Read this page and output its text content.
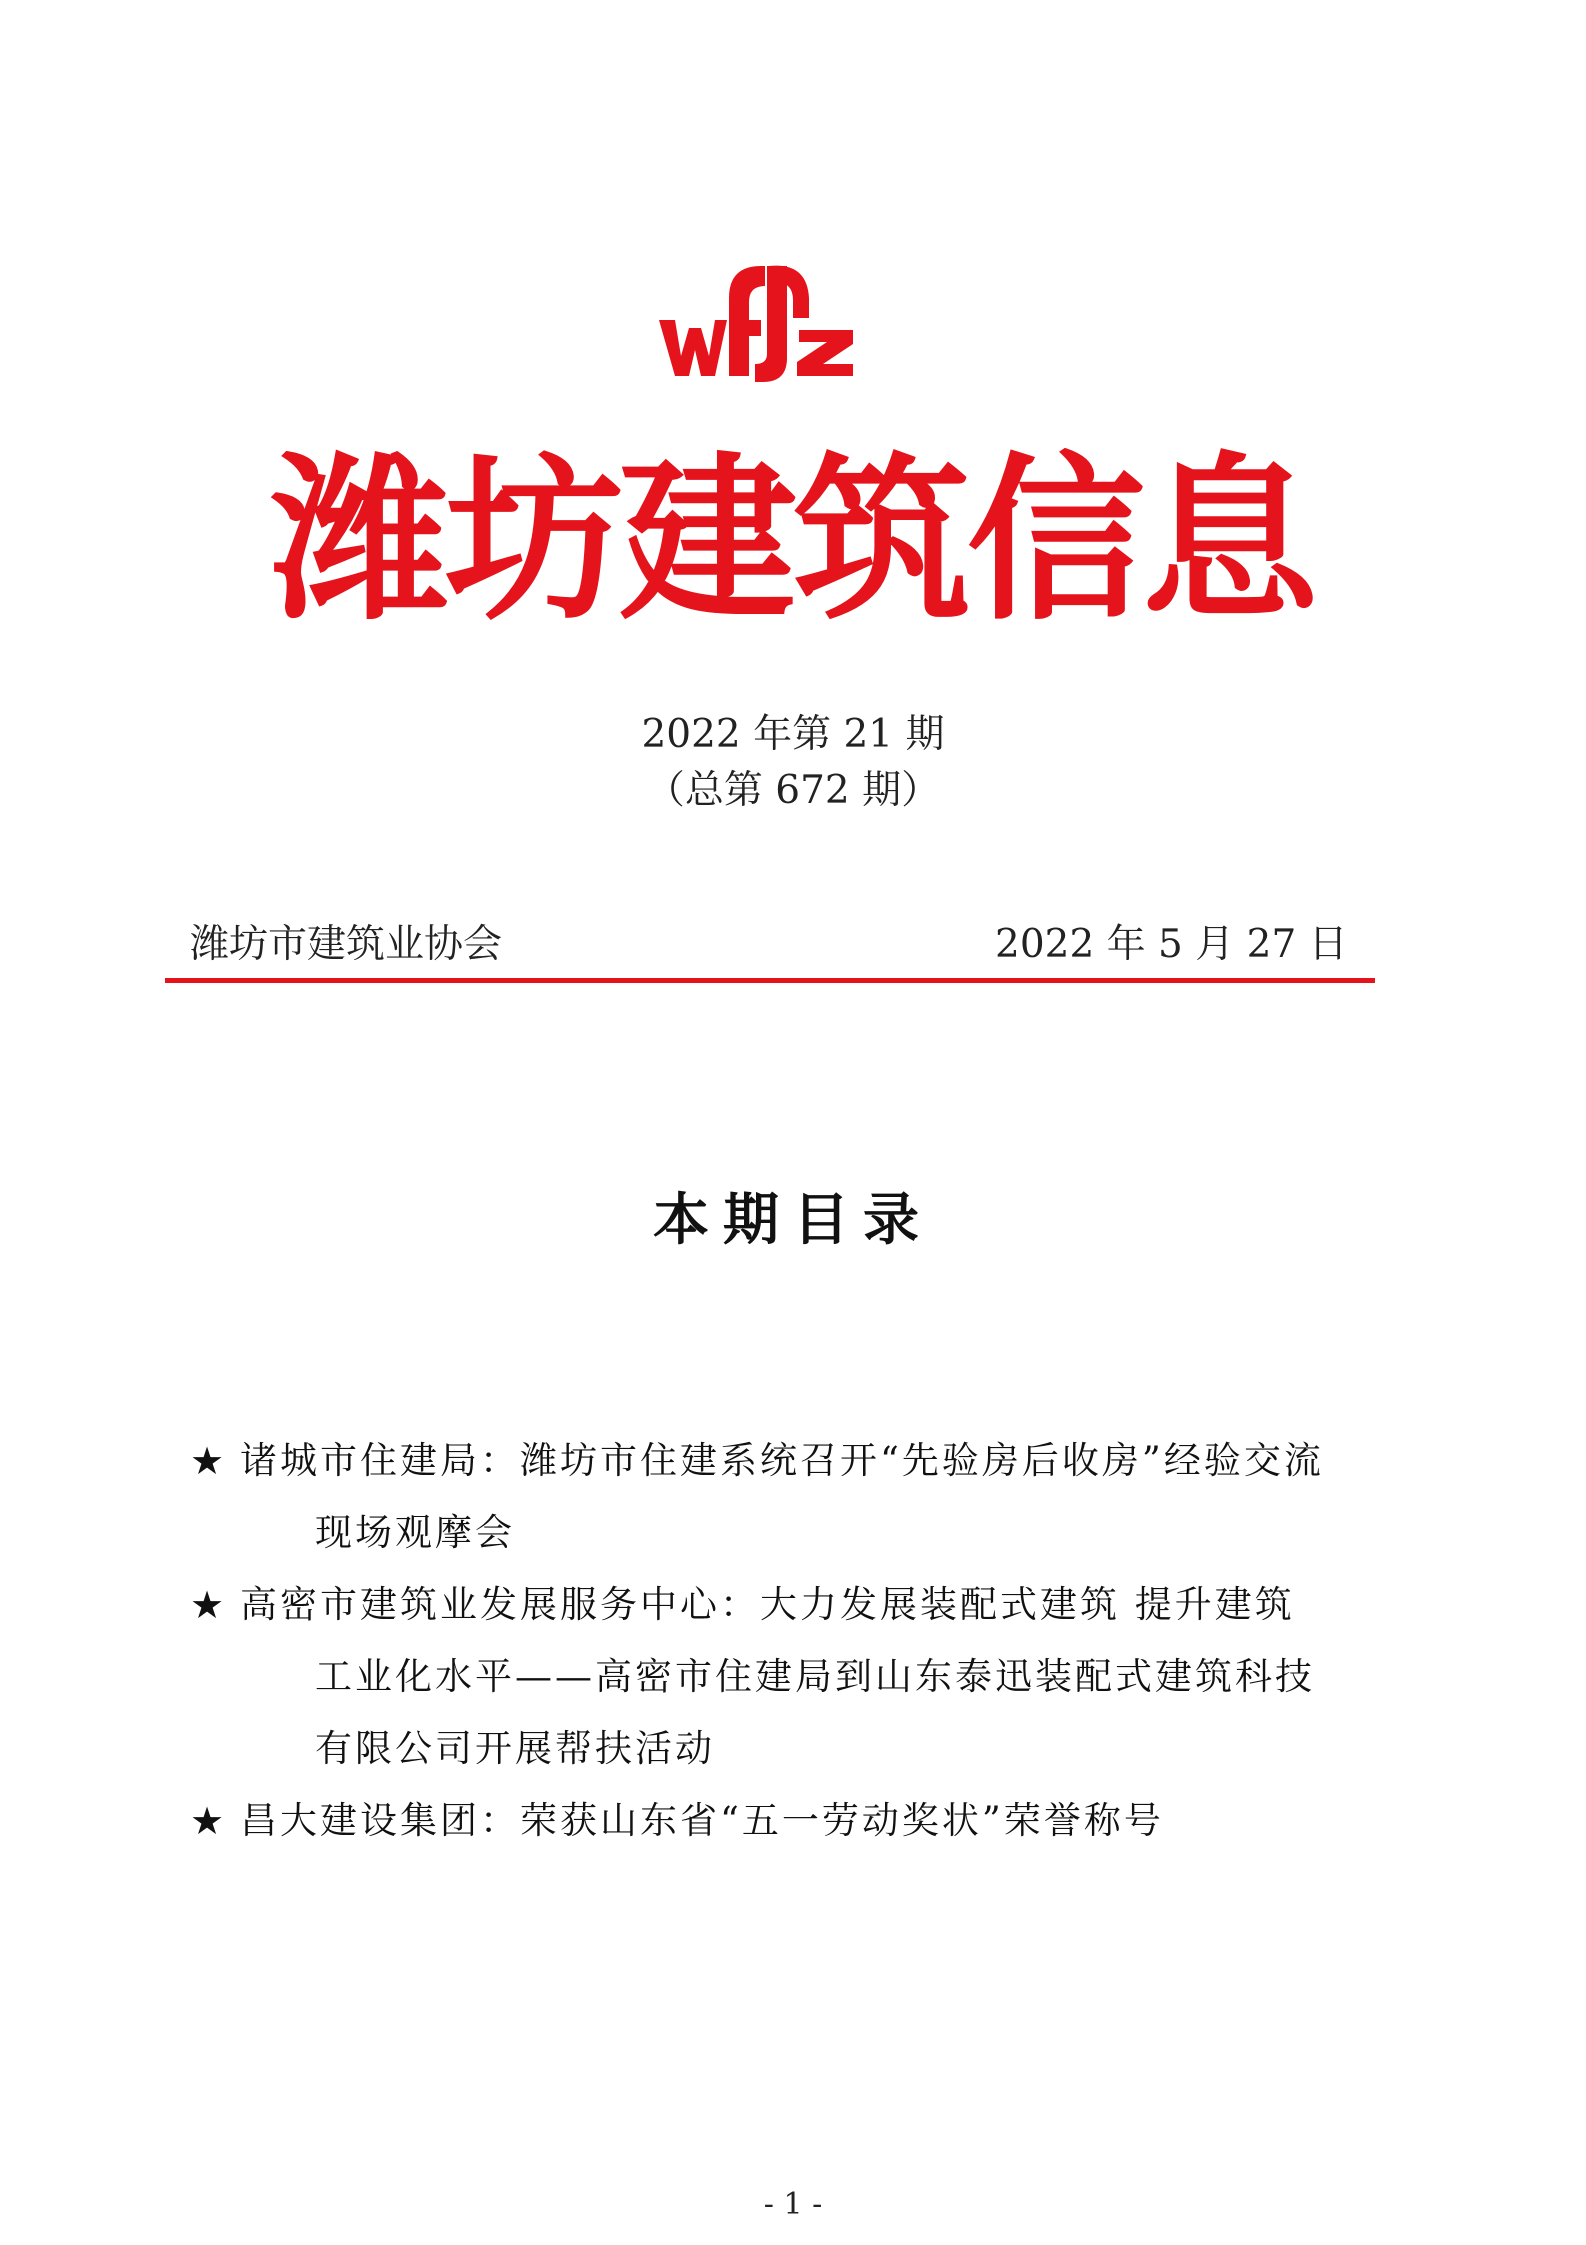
潍坊建筑信息
2022 年第 21 期
（总第 672 期）
潍坊市建筑业协会	2022 年 5 月 27 日
本期目录
★ 诸城市住建局：潍坊市住建系统召开“先验房后收房”经验交流
现场观摩会
★ 高密市建筑业发展服务中心：大力发展装配式建筑 提升建筑
工业化水平——高密市住建局到山东泰迅装配式建筑科技
有限公司开展帮扶活动
★ 昌大建设集团：荣获山东省“五一劳动奖状”荣誉称号
- 1 -
